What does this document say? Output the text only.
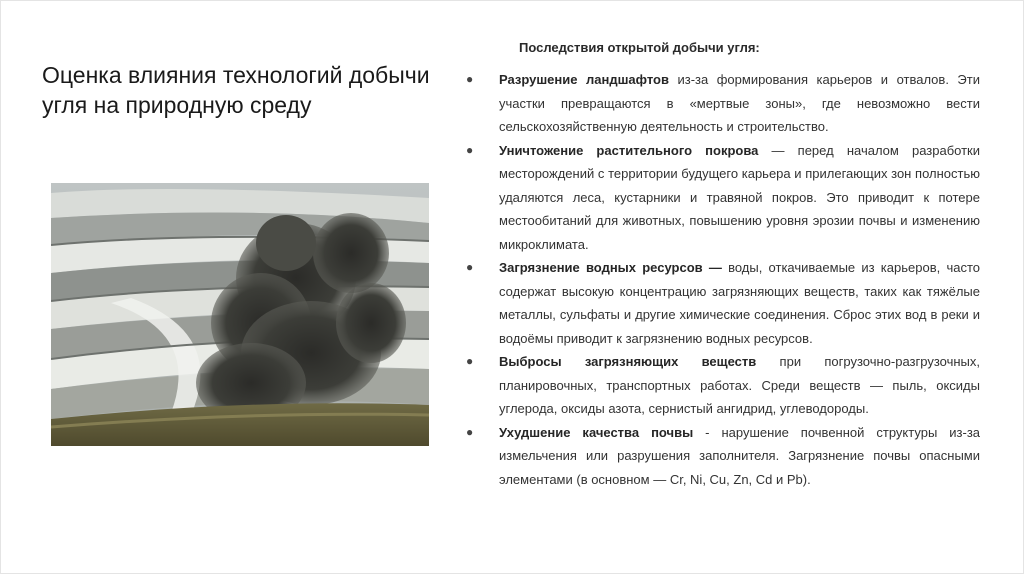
Оценка влияния технологий добычи угля на природную среду
Последствия открытой добычи угля:
● Разрушение ландшафтов из-за формирования карьеров и отвалов. Эти участки превращаются в «мертвые зоны», где невозможно вести сельскохозяйственную деятельность и строительство.
● Уничтожение растительного покрова — перед началом разработки месторождений с территории будущего карьера и прилегающих зон полностью удаляются леса, кустарники и травяной покров. Это приводит к потере местообитаний для животных, повышению уровня эрозии почвы и изменению микроклимата.
● Загрязнение водных ресурсов — воды, откачиваемые из карьеров, часто содержат высокую концентрацию загрязняющих веществ, таких как тяжёлые металлы, сульфаты и другие химические соединения. Сброс этих вод в реки и водоёмы приводит к загрязнению водных ресурсов.
● Выбросы загрязняющих веществ при погрузочно-разгрузочных, планировочных, транспортных работах. Среди веществ — пыль, оксиды углерода, оксиды азота, сернистый ангидрид, углеводороды.
● Ухудшение качества почвы - нарушение почвенной структуры из-за измельчения или разрушения заполнителя. Загрязнение почвы опасными элементами (в основном — Cr, Ni, Cu, Zn, Cd и Pb).
